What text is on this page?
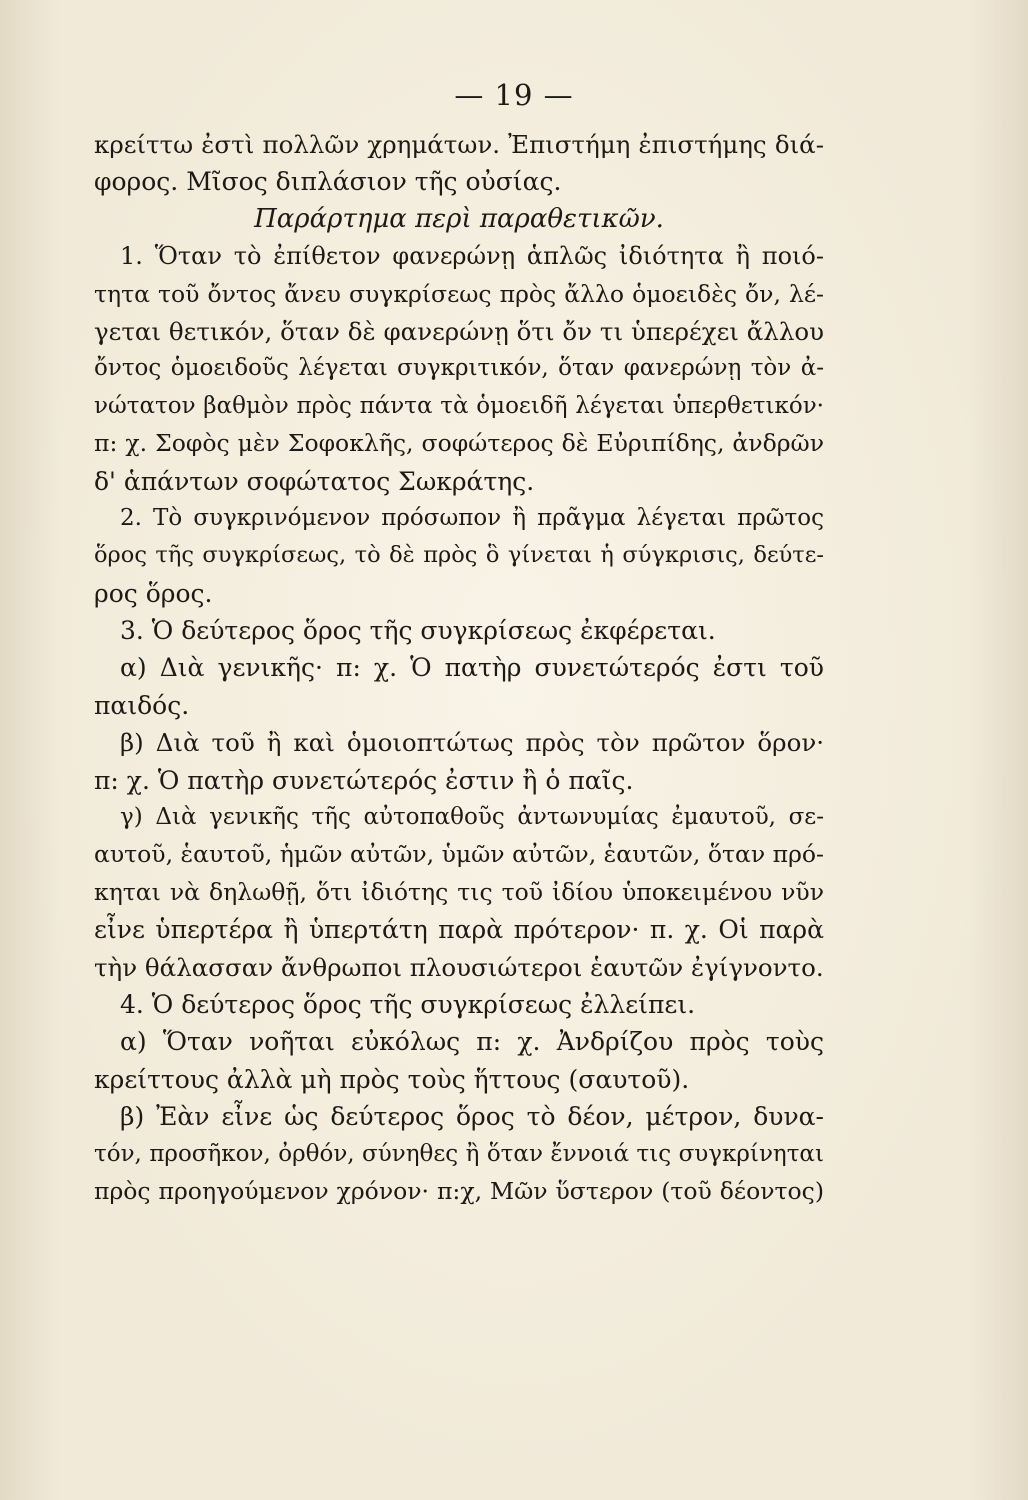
— 19 —
κρείττω ἐστὶ πολλῶν χρημάτων. Ἐπιστήμη ἐπιστήμης διά-
φορος. Μῖσος διπλάσιον τῆς οὐσίας.
Παράρτημα περὶ παραθετικῶν.
1. Ὅταν τὸ ἐπίθετον φανερώνῃ ἁπλῶς ἰδιότητα ἢ ποιό-
τητα τοῦ ὄντος ἄνευ συγκρίσεως πρὸς ἄλλο ὁμοειδὲς ὄν, λέ-
γεται θετικόν, ὅταν δὲ φανερώνῃ ὅτι ὄν τι ὑπερέχει ἄλλου
ὄντος ὁμοειδοῦς λέγεται συγκριτικόν, ὅταν φανερώνῃ τὸν ἀ-
νώτατον βαθμὸν πρὸς πάντα τὰ ὁμοειδῆ λέγεται ὑπερθετικόν·
π: χ. Σοφὸς μὲν Σοφοκλῆς, σοφώτερος δὲ Εὐριπίδης, ἀνδρῶν
δ' ἁπάντων σοφώτατος Σωκράτης.
2. Τὸ συγκρινόμενον πρόσωπον ἢ πρᾶγμα λέγεται πρῶτος
ὅρος τῆς συγκρίσεως, τὸ δὲ πρὸς ὃ γίνεται ἡ σύγκρισις, δεύτε-
ρος ὅρος.
3. Ὁ δεύτερος ὅρος τῆς συγκρίσεως ἐκφέρεται.
α) Διὰ γενικῆς· π: χ. Ὁ πατὴρ συνετώτερός ἐστι τοῦ
παιδός.
β) Διὰ τοῦ ἢ καὶ ὁμοιοπτώτως πρὸς τὸν πρῶτον ὅρον·
π: χ. Ὁ πατὴρ συνετώτερός ἐστιν ἢ ὁ παῖς.
γ) Διὰ γενικῆς τῆς αὐτοπαθοῦς ἀντωνυμίας ἐμαυτοῦ, σε-
αυτοῦ, ἑαυτοῦ, ἡμῶν αὐτῶν, ὑμῶν αὐτῶν, ἑαυτῶν, ὅταν πρό-
κηται νὰ δηλωθῇ, ὅτι ἰδιότης τις τοῦ ἰδίου ὑποκειμένου νῦν
εἶνε ὑπερτέρα ἢ ὑπερτάτη παρὰ πρότερον· π. χ. Οἱ παρὰ
τὴν θάλασσαν ἄνθρωποι πλουσιώτεροι ἑαυτῶν ἐγίγνοντο.
4. Ὁ δεύτερος ὅρος τῆς συγκρίσεως ἐλλείπει.
α) Ὅταν νοῆται εὐκόλως π: χ. Ἀνδρίζου πρὸς τοὺς
κρείττους ἀλλὰ μὴ πρὸς τοὺς ἥττους (σαυτοῦ).
β) Ἐὰν εἶνε ὡς δεύτερος ὅρος τὸ δέον, μέτρον, δυνα-
τόν, προσῆκον, ὀρθόν, σύνηθες ἢ ὅταν ἔννοιά τις συγκρίνηται
πρὸς προηγούμενον χρόνον· π:χ, Μῶν ὕστερον (τοῦ δέοντος)
